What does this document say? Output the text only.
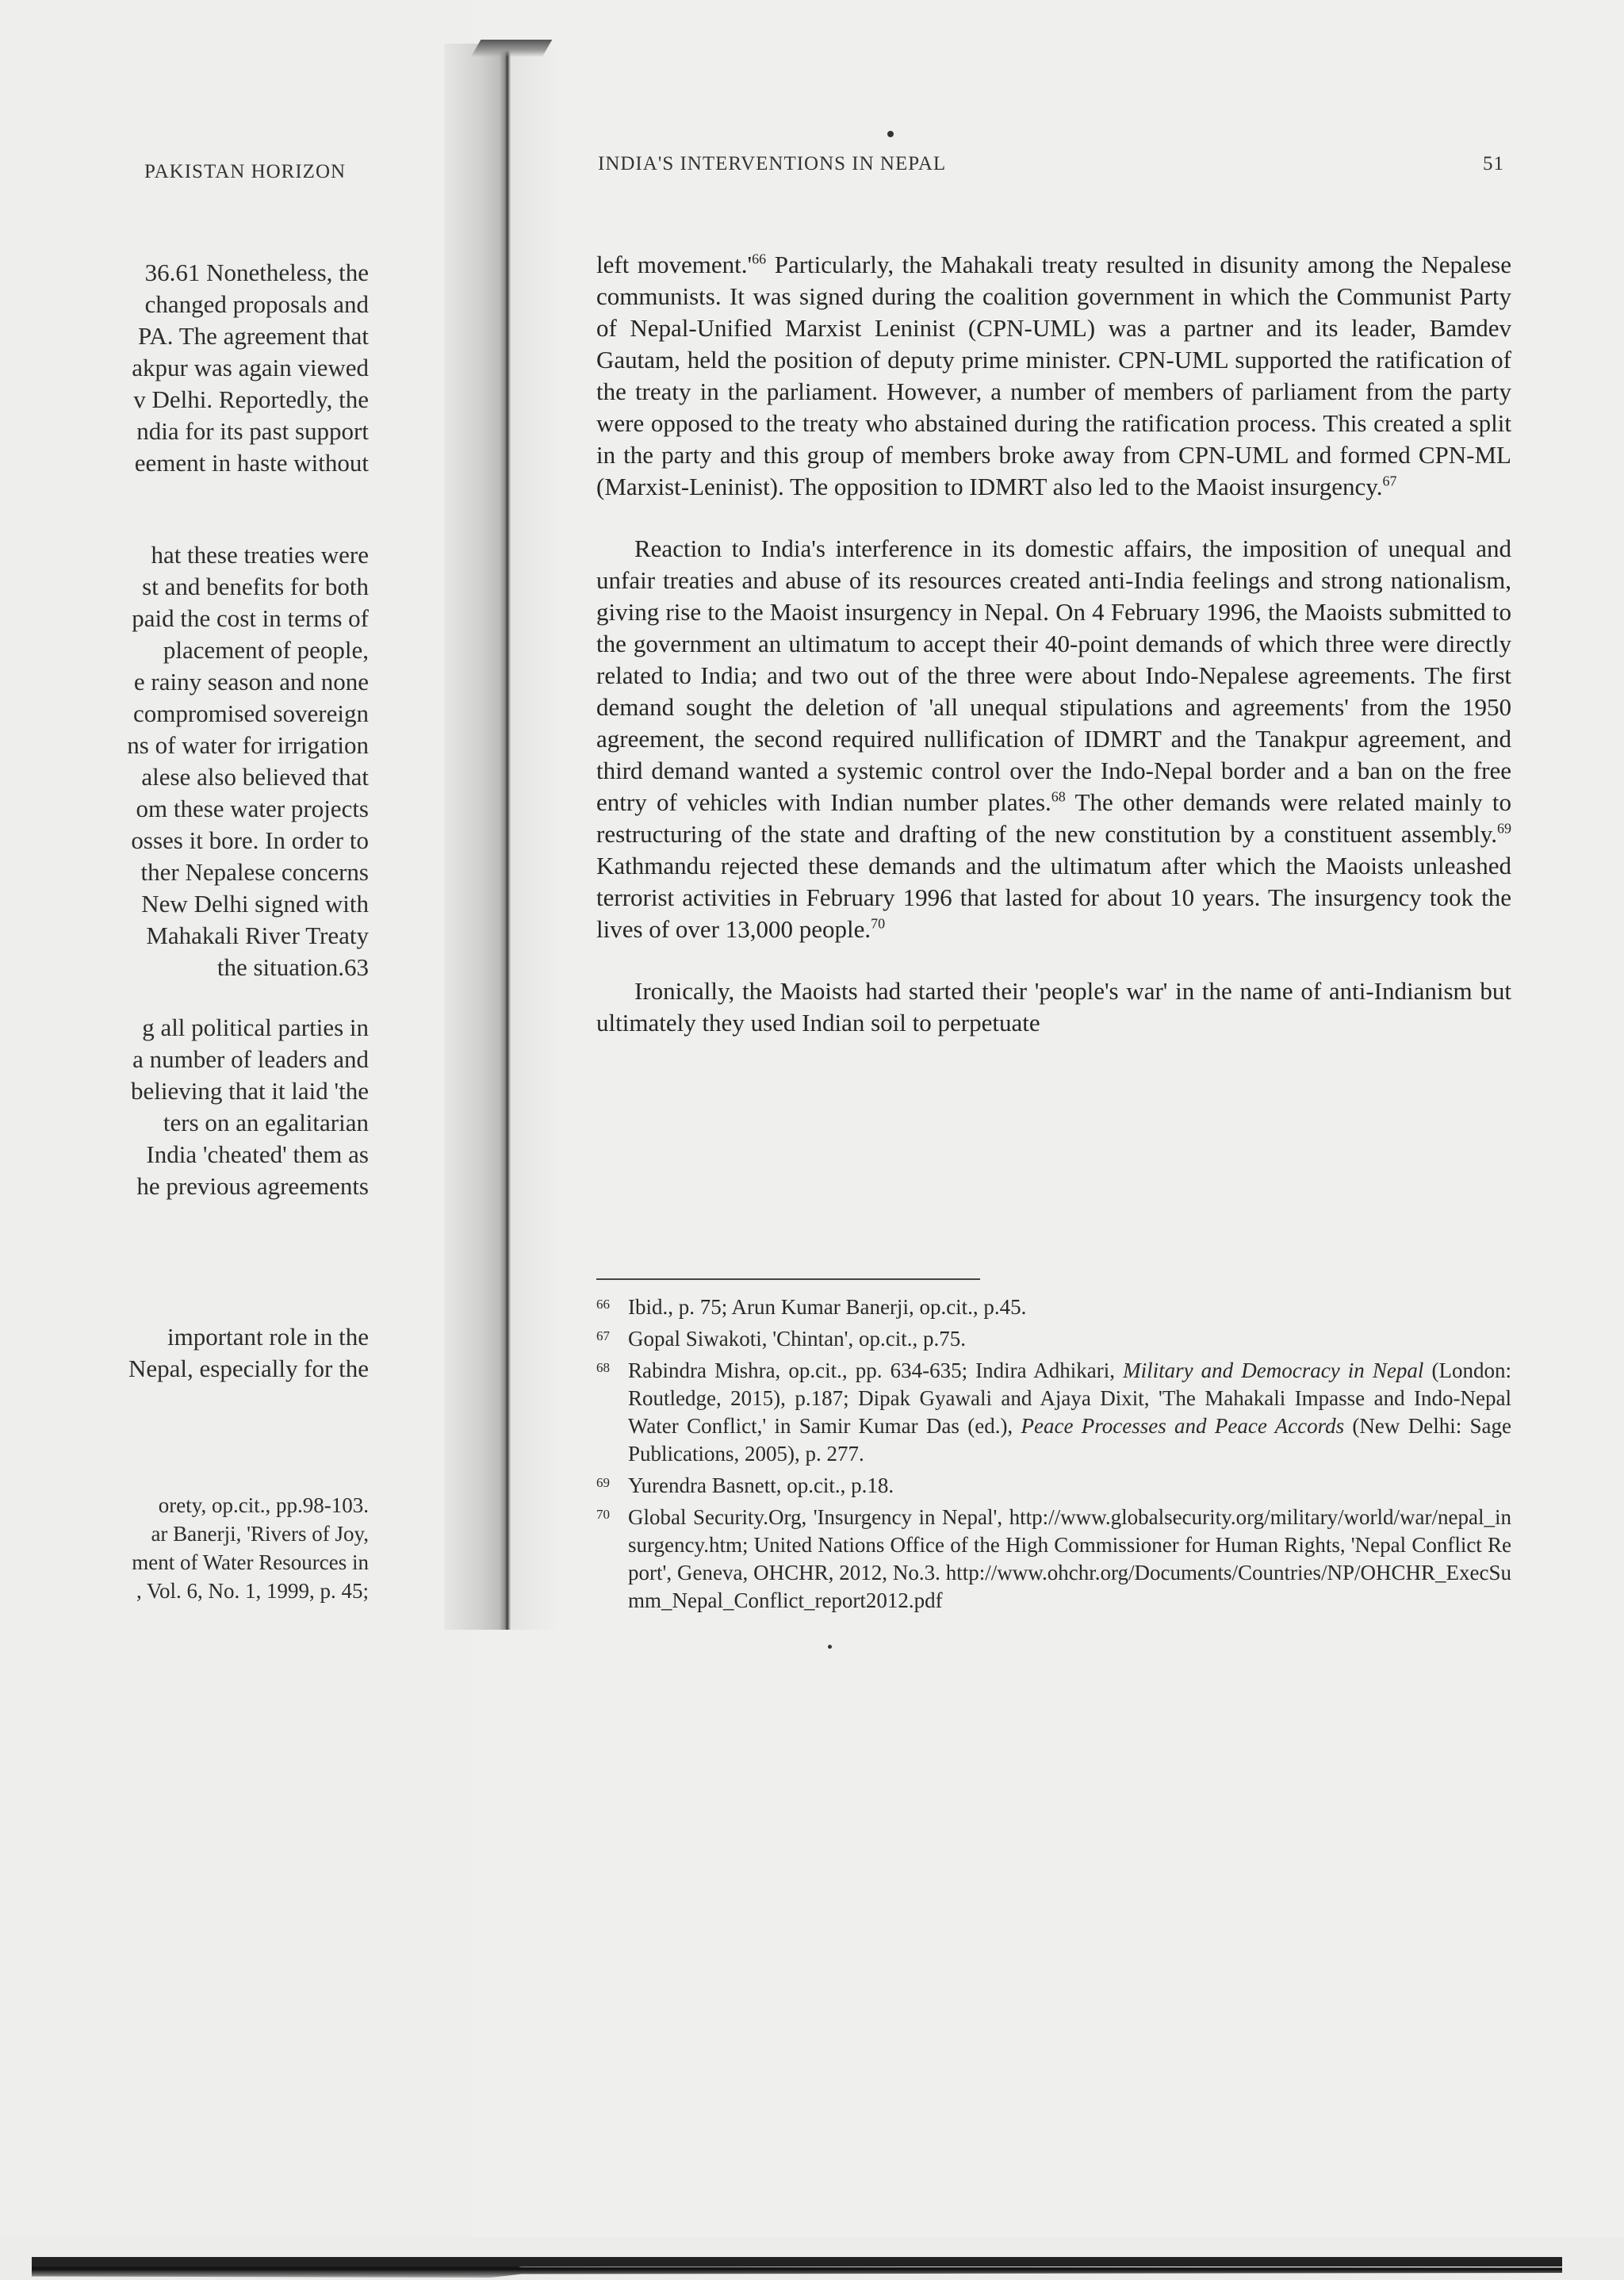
PAKISTAN HORIZON	INDIA'S INTERVENTIONS IN NEPAL	51
36.61 Nonetheless, the
changed proposals and
PA. The agreement that
akpur was again viewed
v Delhi. Reportedly, the
ndia for its past support
eement in haste without
hat these treaties were
st and benefits for both
paid the cost in terms of
placement of people,
e rainy season and none
compromised sovereign
ns of water for irrigation
alese also believed that
om these water projects
osses it bore. In order to
ther Nepalese concerns
New Delhi signed with
Mahakali River Treaty
the situation.63
g all political parties in
a number of leaders and
believing that it laid 'the
ters on an egalitarian
India 'cheated' them as
he previous agreements
important role in the
Nepal, especially for the
orety, op.cit., pp.98-103.
ar Banerji, 'Rivers of Joy,
ment of Water Resources in
, Vol. 6, No. 1, 1999, p. 45;

left $movement.'^{66}$ Particularly, the Mahakali treaty resulted in disunity among the Nepalese communists. It was signed during the coalition government in which the Communist Party of Nepal-Unified Marxist Leninist (CPN-UML) was a partner and its leader, Bamdev Gautam, held the position of deputy prime minister. CPN-UML supported the ratification of the treaty in the parliament. However, a number of members of parliament from the party were opposed to the treaty who abstained during the ratification process. This created a split in the party and this group of members broke away from CPN-UML and formed CPN-ML (Marxist-Leninist). The opposition to IDMRT also led to the Maoist insurgency.$^{67}$

Reaction to India's interference in its domestic affairs, the imposition of unequal and unfair treaties and abuse of its resources created anti-India feelings and strong nationalism, giving rise to the Maoist insurgency in Nepal. On 4 February 1996, the Maoists submitted to the government an ultimatum to accept their 40-point demands of which three were directly related to India; and two out of the three were about Indo-Nepalese agreements. The first demand sought the deletion of 'all unequal stipulations and agreements' from the 1950 agreement, the second required nullification of IDMRT and the Tanakpur agreement, and third demand wanted a systemic control over the Indo-Nepal border and a ban on the free entry of vehicles with Indian number plates.$^{68}$ The other demands were related mainly to restructuring of the state and drafting of the new constitution by a constituent assembly.$^{69}$ Kathmandu rejected these demands and the ultimatum after which the Maoists unleashed terrorist activities in February 1996 that lasted for about 10 years. The insurgency took the lives of over 13,000 people.$^{70}$

Ironically, the Maoists had started their 'people's war' in the name of anti-Indianism but ultimately they used Indian soil to perpetuate

66 Ibid., p. 75; Arun Kumar Banerji, op.cit., p.45.
67 Gopal Siwakoti, 'Chintan', op.cit., p.75.
68 Rabindra Mishra, op.cit., pp. 634-635; Indira Adhikari, Military and Democracy in Nepal (London: Routledge, 2015), p.187; Dipak Gyawali and Ajaya Dixit, 'The Mahakali Impasse and Indo-Nepal Water Conflict,' in Samir Kumar Das (ed.), Peace Processes and Peace Accords (New Delhi: Sage Publications, 2005), p. 277.
69 Yurendra Basnett, op.cit., p.18.
70 Global Security.Org, 'Insurgency in Nepal', http://www.globalsecurity.org/military/world/war/nepal_insurgency.htm; United Nations Office of the High Commissioner for Human Rights, 'Nepal Conflict Report', Geneva, OHCHR, 2012, No.3. http://www.ohchr.org/Documents/Countries/NP/OHCHR_ExecSumm_Nepal_Conflict_report2012.pdf
